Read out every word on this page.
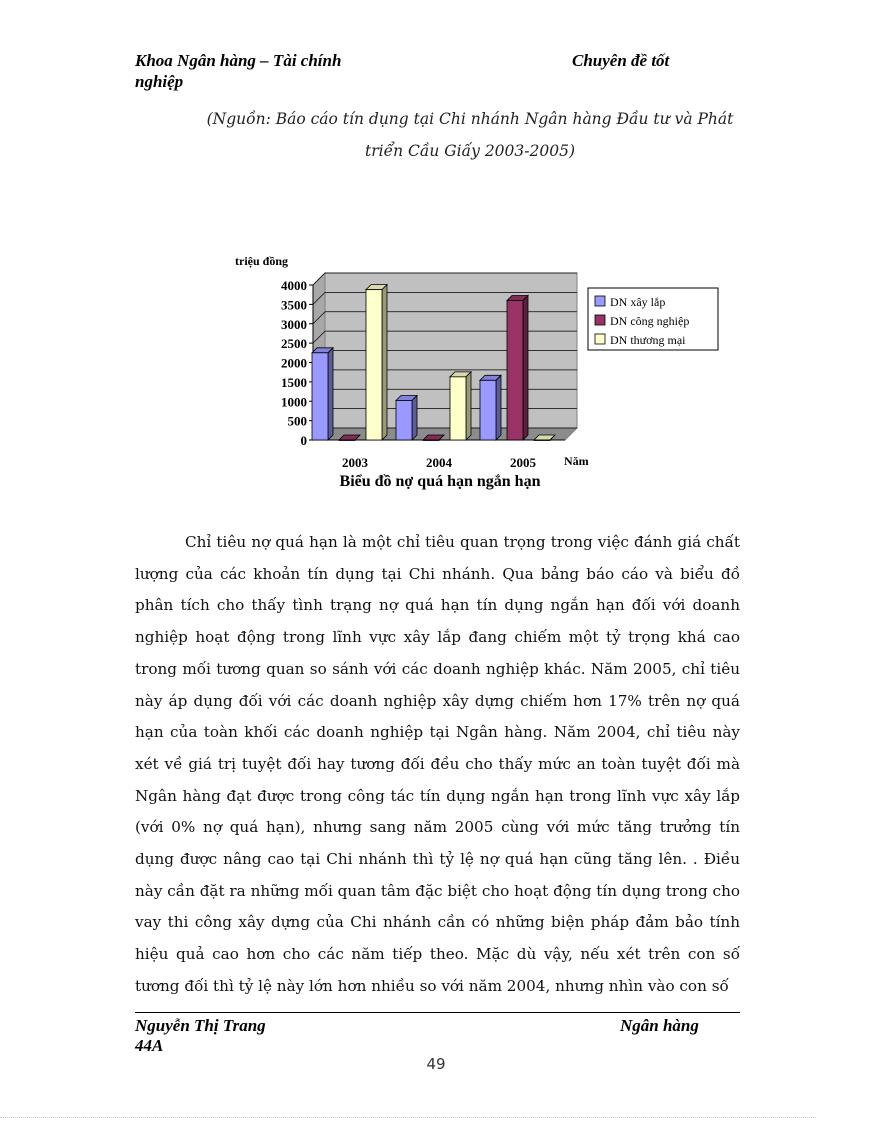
Khoa Ngân hàng – Tài chính
nghiệp
Chuyên đề tốt
(Nguồn: Báo cáo tín dụng tại Chi nhánh Ngân hàng Đầu tư và Phát triển Cầu Giấy 2003-2005)
0
500
1000
1500
2000
2500
3000
3500
4000
2003	2004	2005
triệu đồng
Năm
Biểu đồ nợ quá hạn ngắn hạn
DN xây lắp
DN công nghiệp
DN thương mại

Chỉ tiêu nợ quá hạn là một chỉ tiêu quan trọng trong việc đánh giá chất lượng của các khoản tín dụng tại Chi nhánh. Qua bảng báo cáo và biểu đồ phân tích cho thấy tình trạng nợ quá hạn tín dụng ngắn hạn đối với doanh nghiệp hoạt động trong lĩnh vực xây lắp đang chiếm một tỷ trọng khá cao trong mối tương quan so sánh với các doanh nghiệp khác. Năm 2005, chỉ tiêu này áp dụng đối với các doanh nghiệp xây dựng chiếm hơn 17% trên nợ quá hạn của toàn khối các doanh nghiệp tại Ngân hàng. Năm 2004, chỉ tiêu này xét về giá trị tuyệt đối hay tương đối đều cho thấy mức an toàn tuyệt đối mà Ngân hàng đạt được trong công tác tín dụng ngắn hạn trong lĩnh vực xây lắp (với 0% nợ quá hạn), nhưng sang năm 2005 cùng với mức tăng trưởng tín dụng được nâng cao tại Chi nhánh thì tỷ lệ nợ quá hạn cũng tăng lên. . Điều này cần đặt ra những mối quan tâm đặc biệt cho hoạt động tín dụng trong cho vay thi công xây dựng của Chi nhánh cần có những biện pháp đảm bảo tính hiệu quả cao hơn cho các năm tiếp theo. Mặc dù vậy, nếu xét trên con số tương đối thì tỷ lệ này lớn hơn nhiều so với năm 2004, nhưng nhìn vào con số

Nguyễn Thị Trang
44A
Ngân hàng
49
